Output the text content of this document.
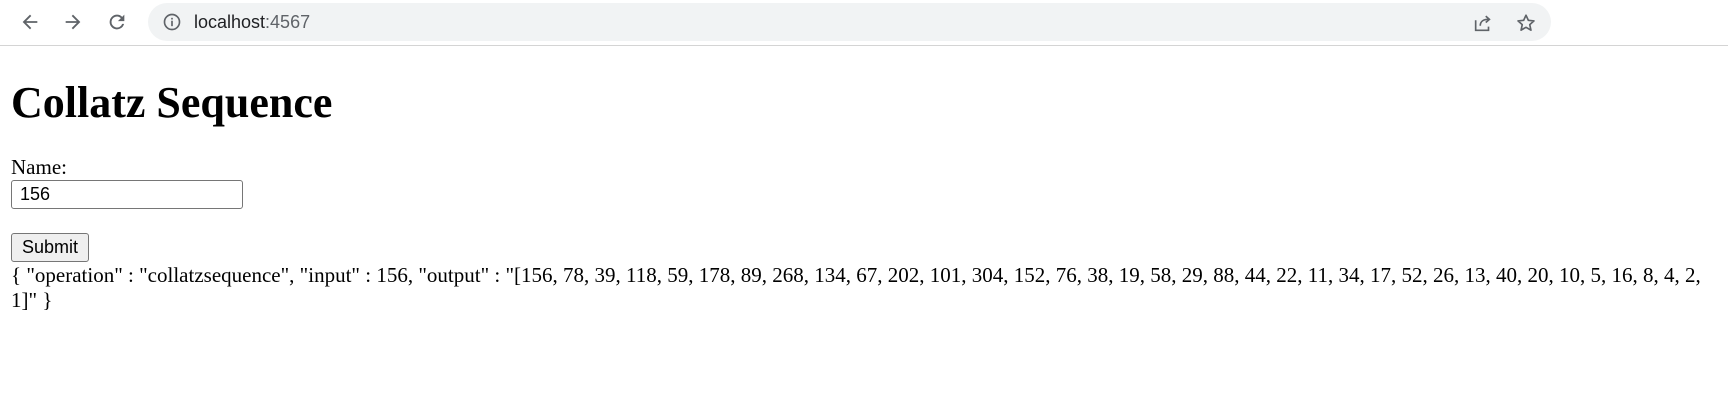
localhost:4567
Collatz Sequence
Name:
156
Submit
{ "operation" : "collatzsequence", "input" : 156, "output" : "[156, 78, 39, 118, 59, 178, 89, 268, 134, 67, 202, 101, 304, 152, 76, 38, 19, 58, 29, 88, 44, 22, 11, 34, 17, 52, 26, 13, 40, 20, 10, 5, 16, 8, 4, 2, 1]" }
